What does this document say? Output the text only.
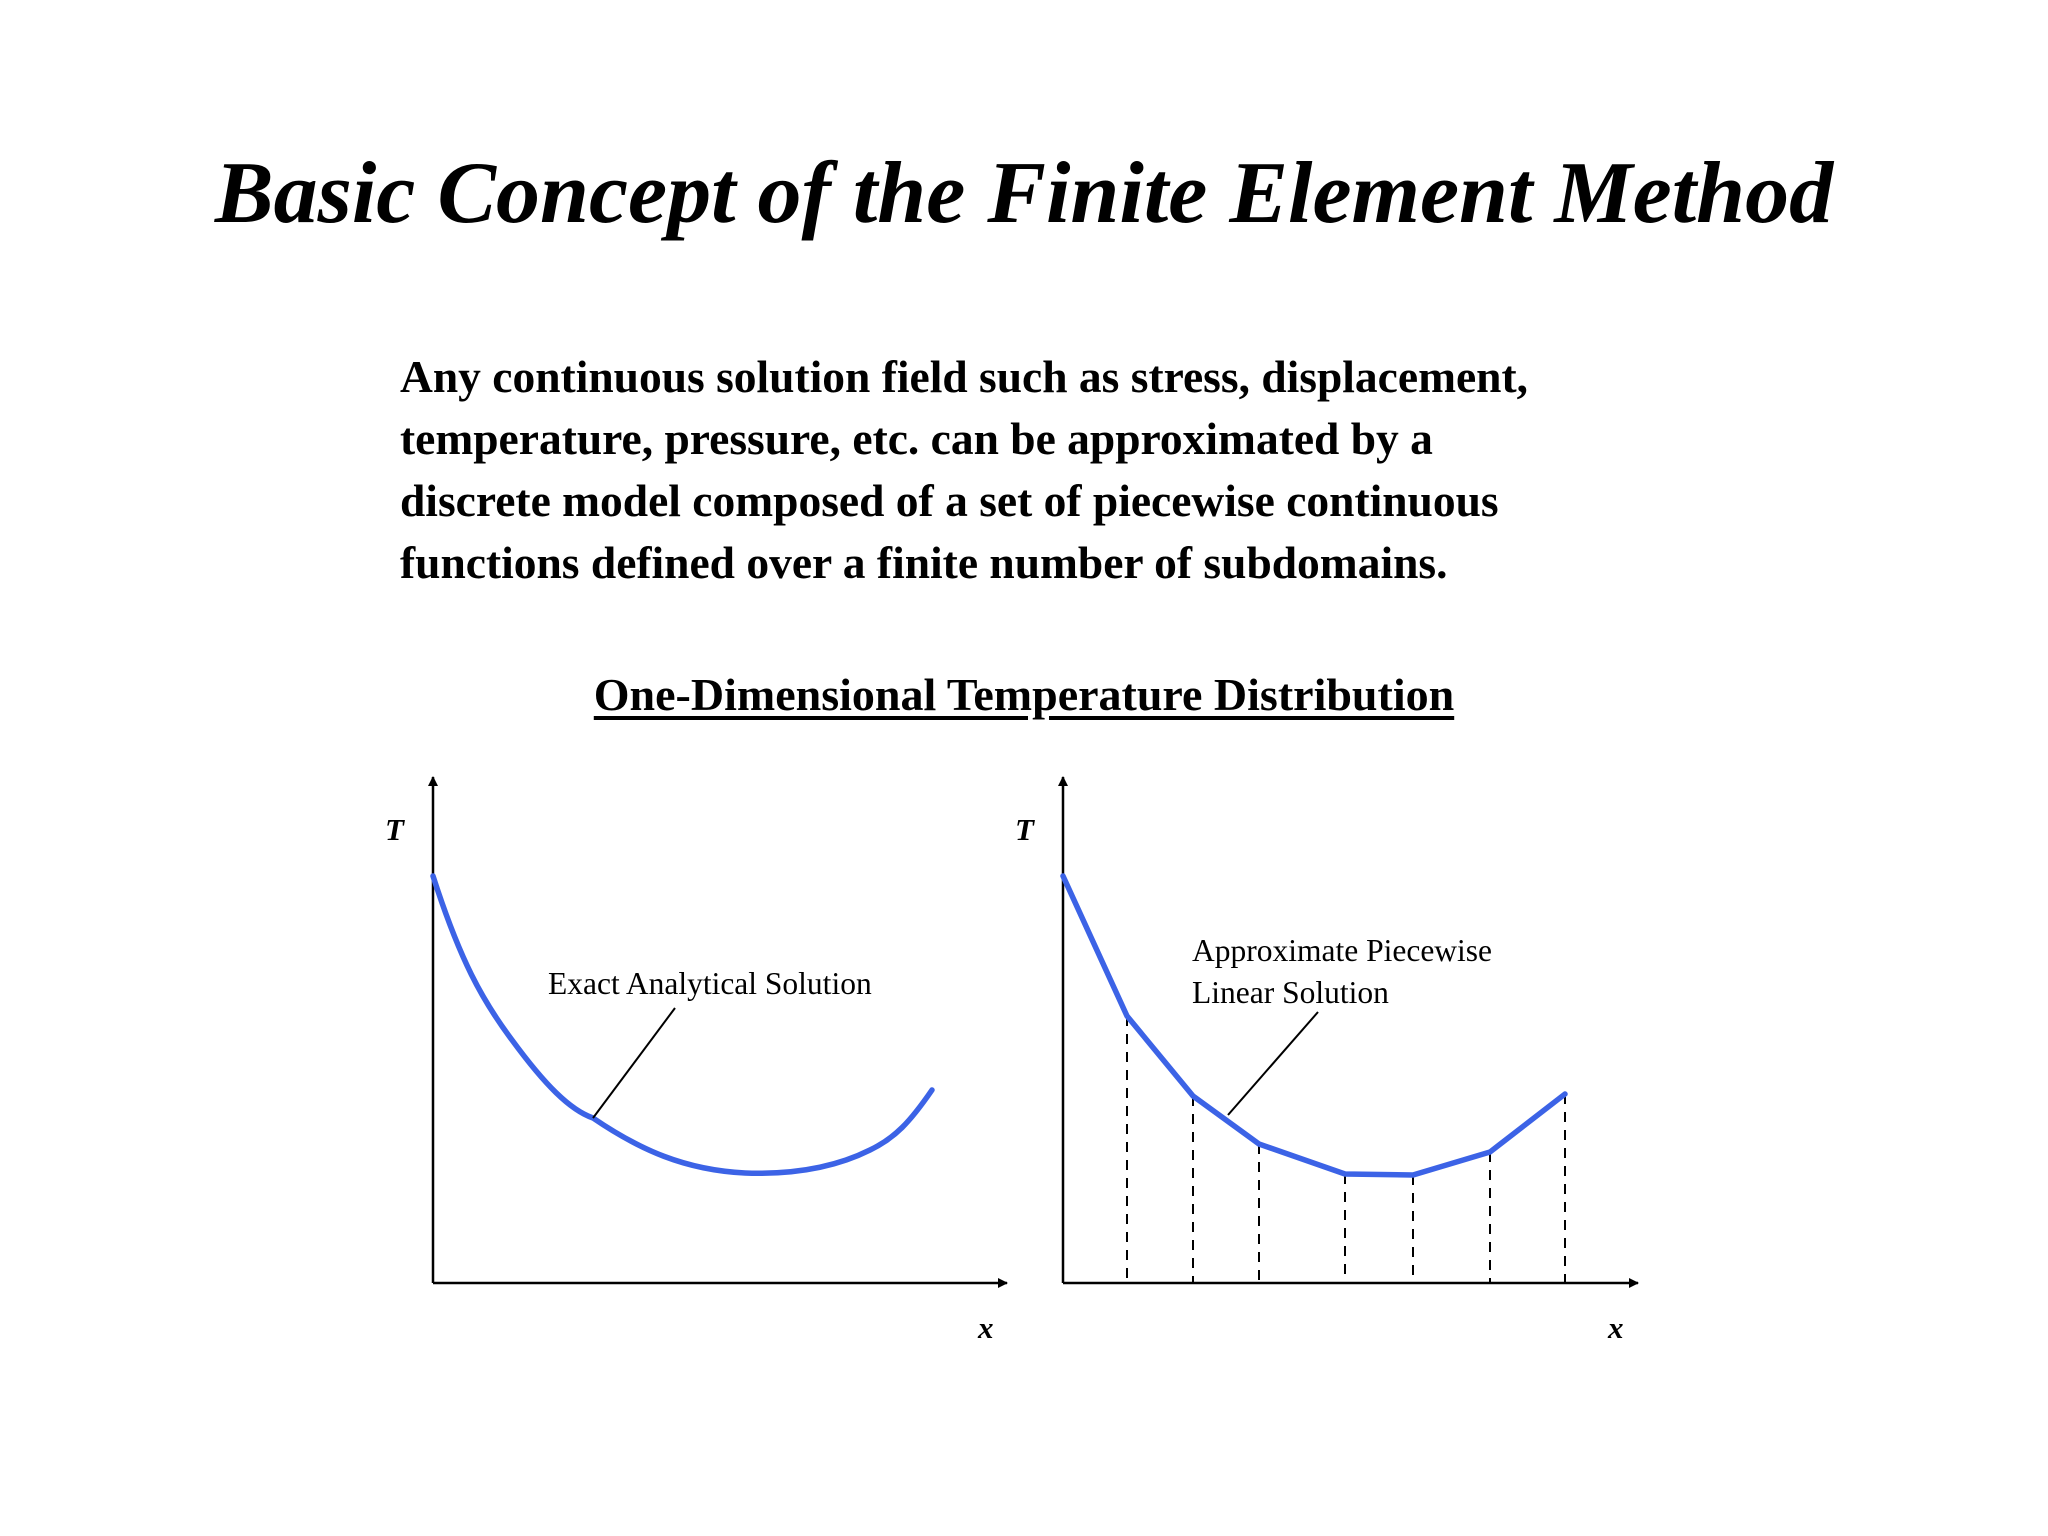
Basic Concept of the Finite Element Method
Any continuous solution field such as stress, displacement,
temperature, pressure, etc. can be approximated by a
discrete model composed of a set of piecewise continuous
functions defined over a finite number of subdomains.
One-Dimensional Temperature Distribution
T
x
Exact Analytical Solution
T
x
Approximate Piecewise
Linear Solution
